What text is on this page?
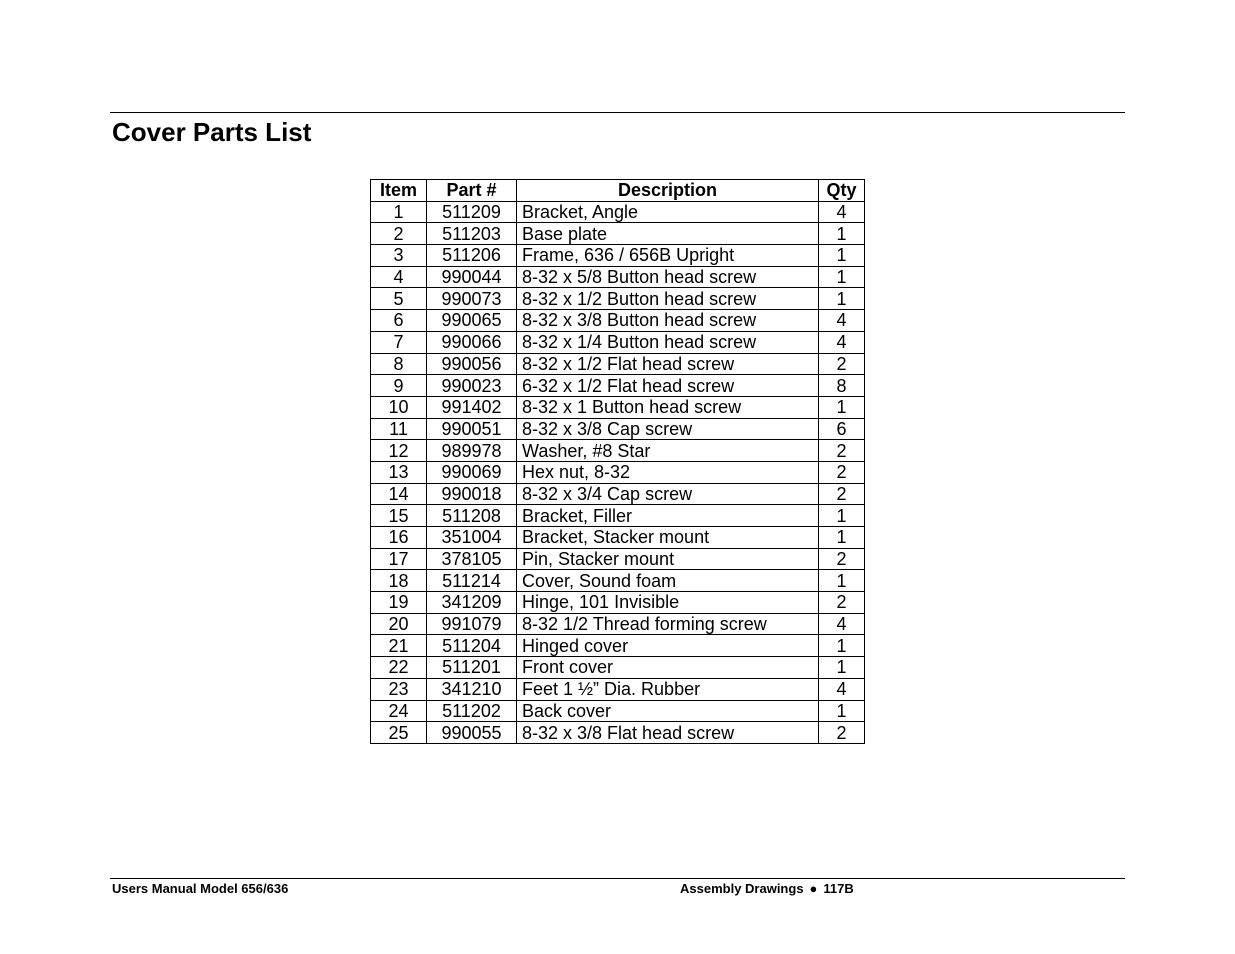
Cover Parts List
Item	Part #	Description	Qty
1	511209	Bracket, Angle	4
2	511203	Base plate	1
3	511206	Frame, 636 / 656B Upright	1
4	990044	8-32 x 5/8 Button head screw	1
5	990073	8-32 x 1/2 Button head screw	1
6	990065	8-32 x 3/8 Button head screw	4
7	990066	8-32 x 1/4 Button head screw	4
8	990056	8-32 x 1/2 Flat head screw	2
9	990023	6-32 x 1/2 Flat head screw	8
10	991402	8-32 x 1 Button head screw	1
11	990051	8-32 x 3/8 Cap screw	6
12	989978	Washer, #8 Star	2
13	990069	Hex nut, 8-32	2
14	990018	8-32 x 3/4 Cap screw	2
15	511208	Bracket, Filler	1
16	351004	Bracket, Stacker mount	1
17	378105	Pin, Stacker mount	2
18	511214	Cover, Sound foam	1
19	341209	Hinge, 101 Invisible	2
20	991079	8-32 1/2 Thread forming screw	4
21	511204	Hinged cover	1
22	511201	Front cover	1
23	341210	Feet 1 ½” Dia. Rubber	4
24	511202	Back cover	1
25	990055	8-32 x 3/8 Flat head screw	2
Users Manual Model 656/636	Assembly Drawings ● 117B
